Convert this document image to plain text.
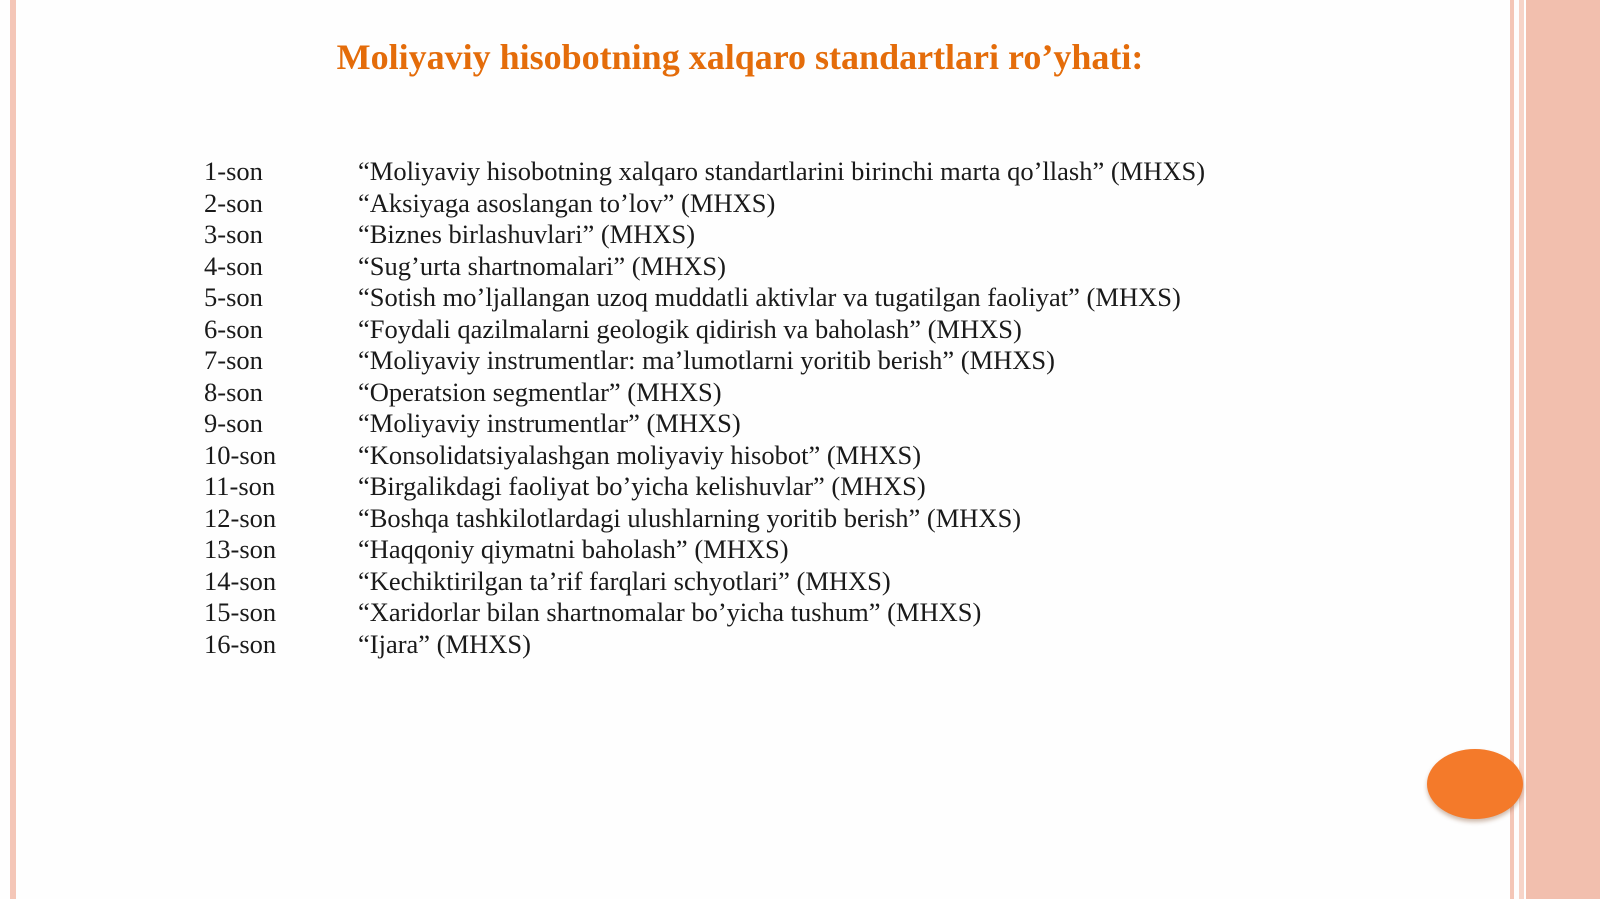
Moliyaviy hisobotning xalqaro standartlari ro’yhati:
1-son	“Moliyaviy hisobotning xalqaro standartlarini birinchi marta qo’llash” (MHXS)
2-son	“Aksiyaga asoslangan to’lov” (MHXS)
3-son	“Biznes birlashuvlari” (MHXS)
4-son	“Sug’urta shartnomalari” (MHXS)
5-son	“Sotish mo’ljallangan uzoq muddatli aktivlar va tugatilgan faoliyat” (MHXS)
6-son	“Foydali qazilmalarni geologik qidirish va baholash” (MHXS)
7-son	“Moliyaviy instrumentlar: ma’lumotlarni yoritib berish” (MHXS)
8-son	“Operatsion segmentlar” (MHXS)
9-son	“Moliyaviy instrumentlar” (MHXS)
10-son	“Konsolidatsiyalashgan moliyaviy hisobot” (MHXS)
11-son	“Birgalikdagi faoliyat bo’yicha kelishuvlar” (MHXS)
12-son	“Boshqa tashkilotlardagi ulushlarning yoritib berish” (MHXS)
13-son	“Haqqoniy qiymatni baholash” (MHXS)
14-son	“Kechiktirilgan ta’rif farqlari schyotlari” (MHXS)
15-son	“Xaridorlar bilan shartnomalar bo’yicha tushum” (MHXS)
16-son	“Ijara” (MHXS)
